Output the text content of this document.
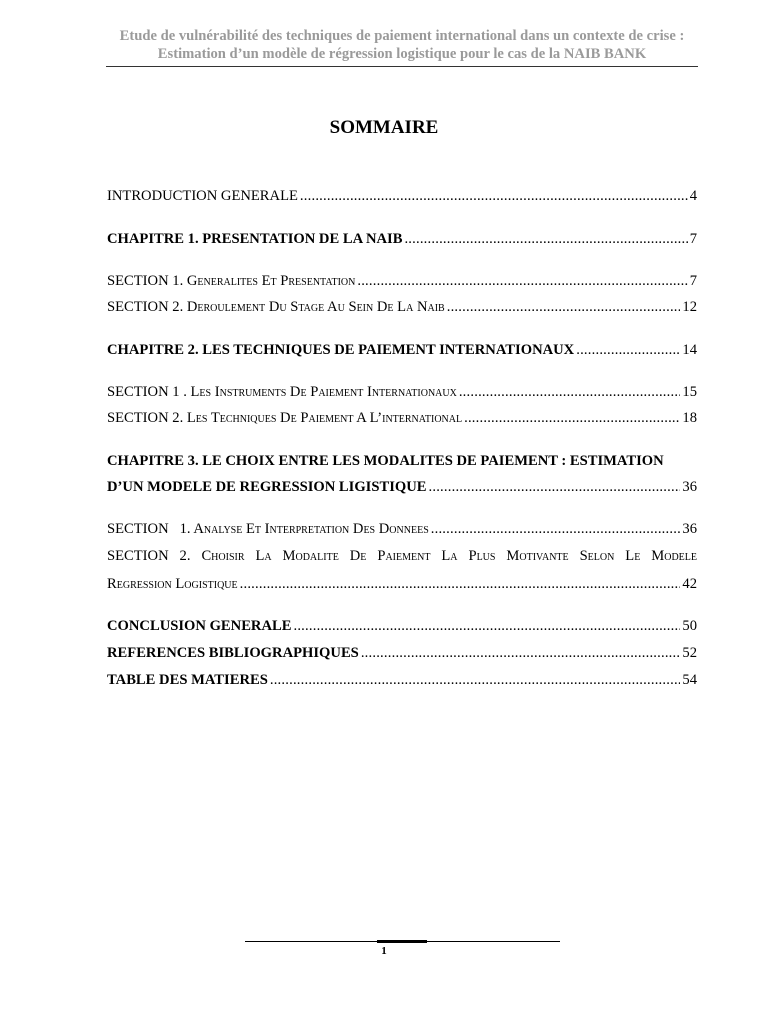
Etude de vulnérabilité des techniques de paiement international dans un contexte de crise :
Estimation d’un modèle de régression logistique pour le cas de la NAIB BANK
SOMMAIRE
INTRODUCTION GENERALE .....	4
CHAPITRE 1. PRESENTATION DE LA NAIB .....	7
SECTION 1. Generalites Et Presentation .....	7
SECTION 2. Deroulement Du Stage Au Sein De La Naib .....	12
CHAPITRE 2. LES TECHNIQUES DE PAIEMENT INTERNATIONAUX .....	14
SECTION 1 . Les Instruments De Paiement Internationaux .....	15
SECTION 2. Les Techniques De Paiement A L’international .....	18
CHAPITRE 3. LE CHOIX ENTRE LES MODALITES DE PAIEMENT : ESTIMATION
D’UN MODELE DE REGRESSION LIGISTIQUE .....	36
SECTION   1. Analyse Et Interpretation Des Donnees .....	36
SECTION 2. Choisir La Modalite De Paiement La Plus Motivante Selon Le Modele
Regression Logistique .....	42
CONCLUSION GENERALE .....	50
REFERENCES BIBLIOGRAPHIQUES .....	52
TABLE DES MATIERES .....	54
1
